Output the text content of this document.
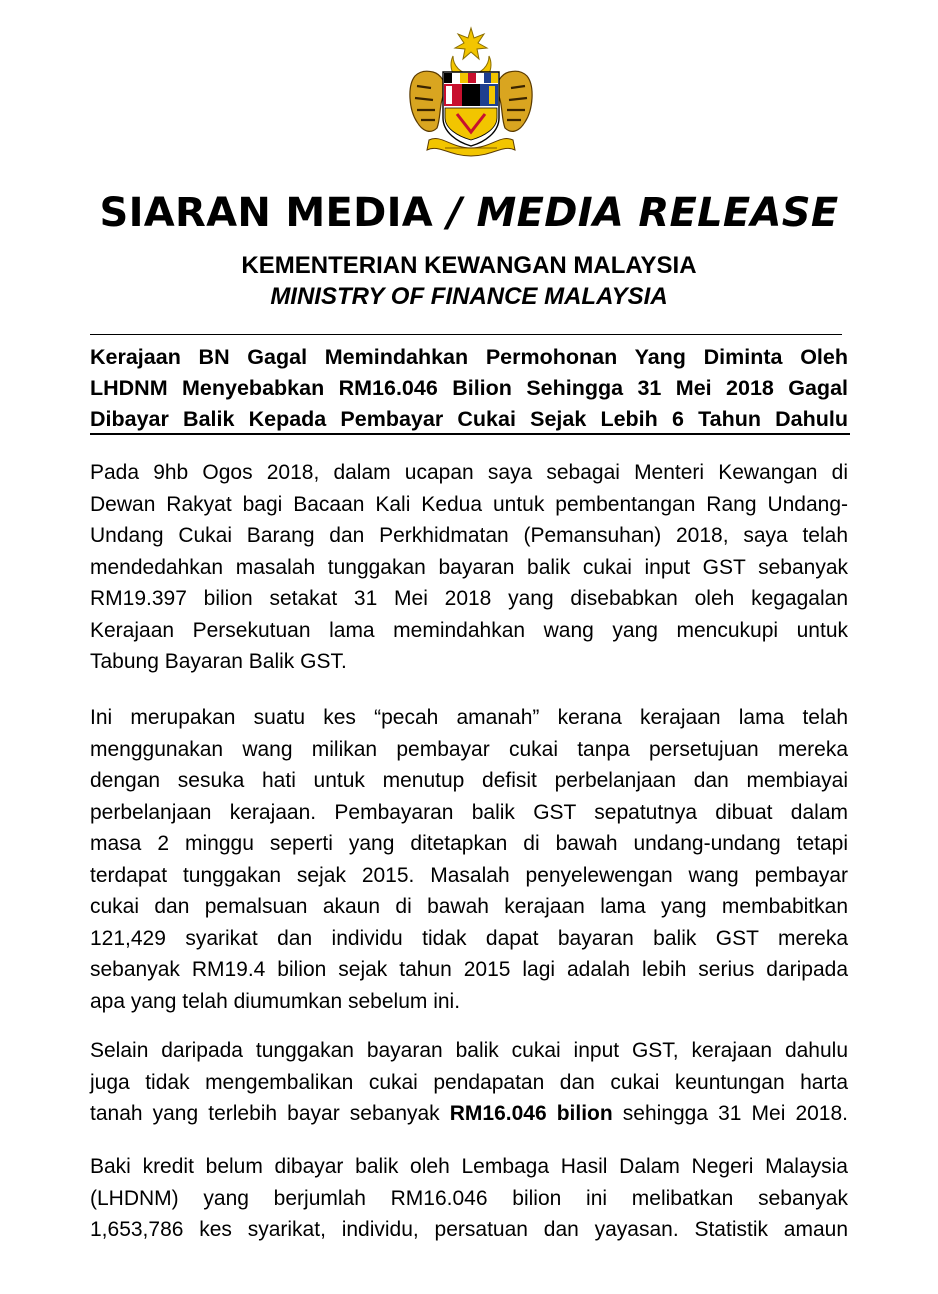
SIARAN MEDIA / MEDIA RELEASE
KEMENTERIAN KEWANGAN MALAYSIA
MINISTRY OF FINANCE MALAYSIA
Kerajaan BN Gagal Memindahkan Permohonan Yang Diminta Oleh
LHDNM Menyebabkan RM16.046 Bilion Sehingga 31 Mei 2018 Gagal
Dibayar Balik Kepada Pembayar Cukai Sejak Lebih 6 Tahun Dahulu
Pada 9hb Ogos 2018, dalam ucapan saya sebagai Menteri Kewangan di
Dewan Rakyat bagi Bacaan Kali Kedua untuk pembentangan Rang Undang-
Undang Cukai Barang dan Perkhidmatan (Pemansuhan) 2018, saya telah
mendedahkan masalah tunggakan bayaran balik cukai input GST sebanyak
RM19.397 bilion setakat 31 Mei 2018 yang disebabkan oleh kegagalan
Kerajaan Persekutuan lama memindahkan wang yang mencukupi untuk
Tabung Bayaran Balik GST.
Ini merupakan suatu kes “pecah amanah” kerana kerajaan lama telah
menggunakan wang milikan pembayar cukai tanpa persetujuan mereka
dengan sesuka hati untuk menutup defisit perbelanjaan dan membiayai
perbelanjaan kerajaan. Pembayaran balik GST sepatutnya dibuat dalam
masa 2 minggu seperti yang ditetapkan di bawah undang-undang tetapi
terdapat tunggakan sejak 2015. Masalah penyelewengan wang pembayar
cukai dan pemalsuan akaun di bawah kerajaan lama yang membabitkan
121,429 syarikat dan individu tidak dapat bayaran balik GST mereka
sebanyak RM19.4 bilion sejak tahun 2015 lagi adalah lebih serius daripada
apa yang telah diumumkan sebelum ini.
Selain daripada tunggakan bayaran balik cukai input GST, kerajaan dahulu
juga tidak mengembalikan cukai pendapatan dan cukai keuntungan harta
tanah yang terlebih bayar sebanyak RM16.046 bilion sehingga 31 Mei 2018.
Baki kredit belum dibayar balik oleh Lembaga Hasil Dalam Negeri Malaysia
(LHDNM) yang berjumlah RM16.046 bilion ini melibatkan sebanyak
1,653,786 kes syarikat, individu, persatuan dan yayasan. Statistik amaun
